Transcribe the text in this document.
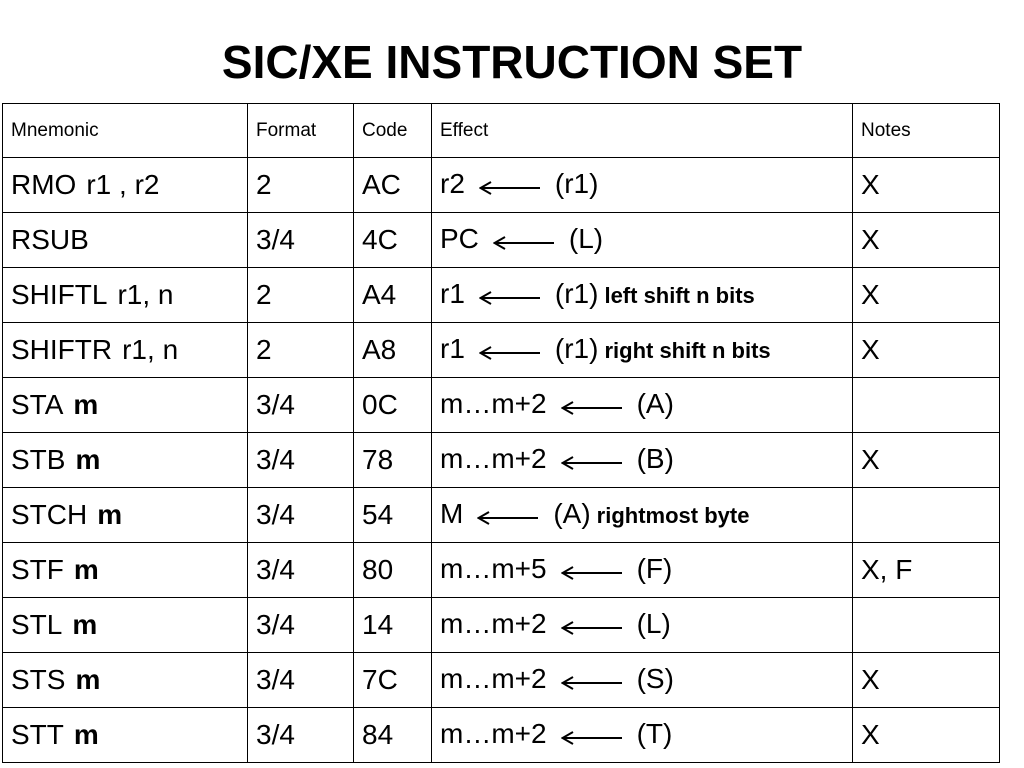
SIC/XE INSTRUCTION SET
Mnemonic	Format	Code	Effect	Notes
RMO r1 , r2	2	AC	r2 (r1)	X
RSUB	3/4	4C	PC (L)	X
SHIFTL r1, n	2	A4	r1 (r1) left shift n bits	X
SHIFTR r1, n	2	A8	r1 (r1) right shift n bits	X
STA m	3/4	0C	m…m+2 (A)	
STB m	3/4	78	m…m+2 (B)	X
STCH m	3/4	54	M (A) rightmost byte	
STF m	3/4	80	m…m+5 (F)	X, F
STL m	3/4	14	m…m+2 (L)	
STS m	3/4	7C	m…m+2 (S)	X
STT m	3/4	84	m…m+2 (T)	X
